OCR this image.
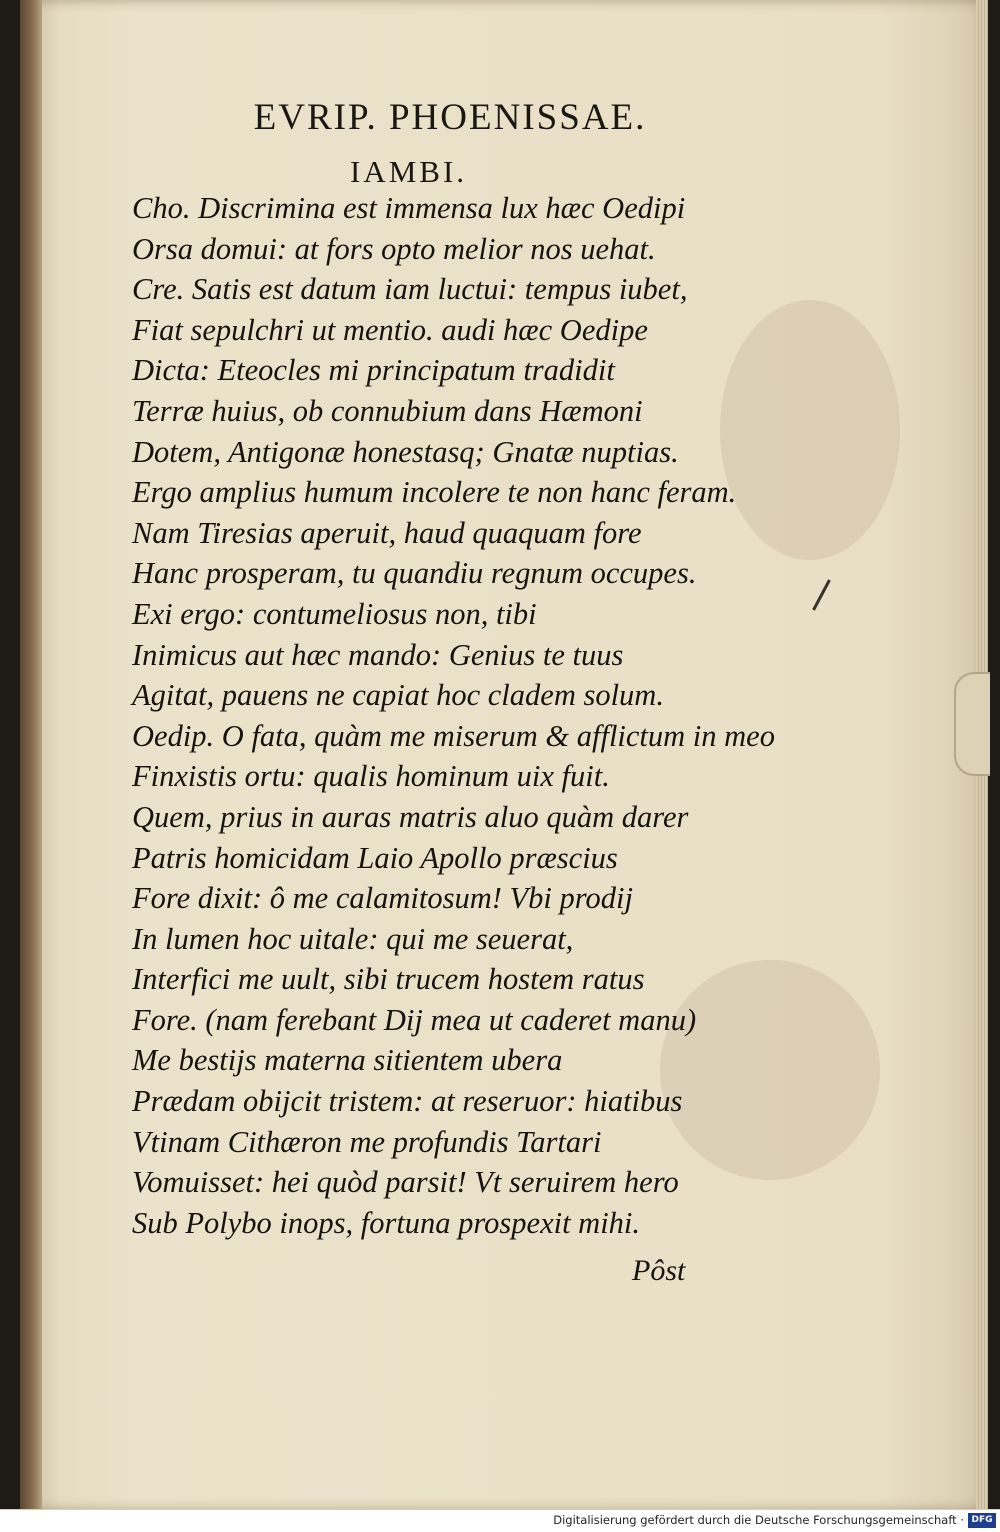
EVRIP. PHOENISSAE.
IAMBI.
Cho. Discrimina est immensa lux hæc Oedipi
Orsa domui: at fors opto melior nos uehat.
Cre. Satis est datum iam luctui: tempus iubet,
Fiat sepulchri ut mentio. audi hæc Oedipe
Dicta: Eteocles mi principatum tradidit
Terræ huius, ob connubium dans Hæmoni
Dotem, Antigonæ honestasq; Gnatæ nuptias.
Ergo amplius humum incolere te non hanc feram.
Nam Tiresias aperuit, haud quaquam fore
Hanc prosperam, tu quandiu regnum occupes.
Exi ergo: contumeliosus non, tibi
Inimicus aut hæc mando: Genius te tuus
Agitat, pauens ne capiat hoc cladem solum.
Oedip. O fata, quàm me miserum & afflictum in meo
Finxistis ortu: qualis hominum uix fuit.
Quem, prius in auras matris aluo quàm darer
Patris homicidam Laio Apollo præscius
Fore dixit: ô me calamitosum! Vbi prodij
In lumen hoc uitale: qui me seuerat,
Interfici me uult, sibi trucem hostem ratus
Fore. (nam ferebant Dij mea ut caderet manu)
Me bestijs materna sitientem ubera
Prædam obijcit tristem: at reseruor: hiatibus
Vtinam Cithæron me profundis Tartari
Vomuisset: hei quòd parsit! Vt seruirem hero
Sub Polybo inops, fortuna prospexit mihi.
Pôst
Digitalisierung gefördert durch die Deutsche Forschungsgemeinschaft · DFG
